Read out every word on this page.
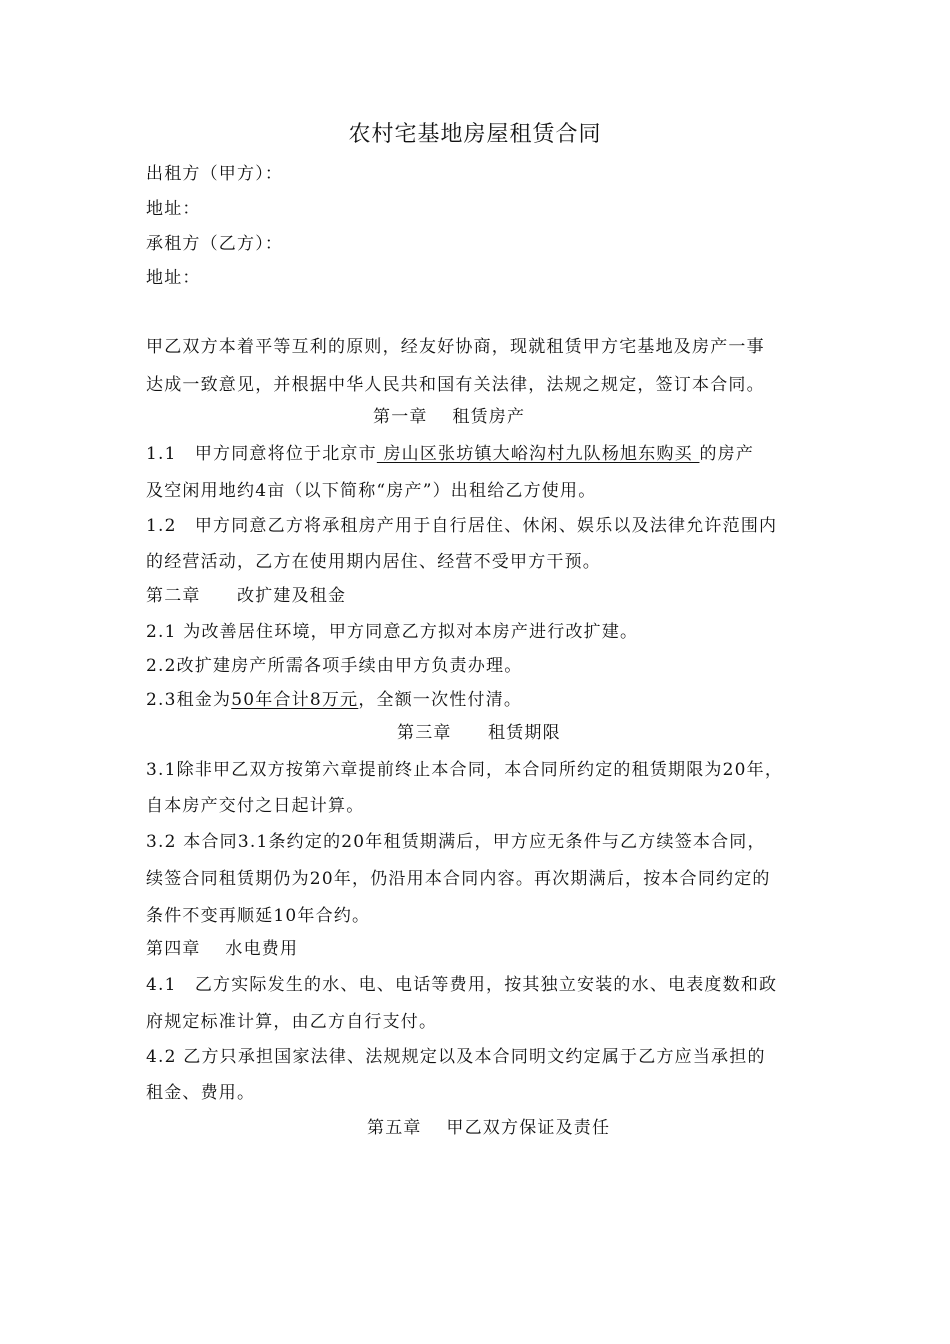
农村宅基地房屋租赁合同
出租方（甲方）：
地址：
承租方（乙方）：
地址：
甲乙双方本着平等互利的原则，经友好协商，现就租赁甲方宅基地及房产一事
达成一致意见，并根据中华人民共和国有关法律，法规之规定，签订本合同。
第一章　 租赁房产
1.1　甲方同意将位于北京市 房山区张坊镇大峪沟村九队杨旭东购买 的房产
及空闲用地约4亩（以下简称“房产”）出租给乙方使用。
1.2　甲方同意乙方将承租房产用于自行居住、休闲、娱乐以及法律允许范围内
的经营活动，乙方在使用期内居住、经营不受甲方干预。
第二章　　改扩建及租金
2.1 为改善居住环境，甲方同意乙方拟对本房产进行改扩建。
2.2改扩建房产所需各项手续由甲方负责办理。
2.3租金为50年合计8万元，全额一次性付清。
第三章　　租赁期限
3.1除非甲乙双方按第六章提前终止本合同，本合同所约定的租赁期限为20年，
自本房产交付之日起计算。
3.2 本合同3.1条约定的20年租赁期满后，甲方应无条件与乙方续签本合同，
续签合同租赁期仍为20年，仍沿用本合同内容。再次期满后，按本合同约定的
条件不变再顺延10年合约。
第四章　 水电费用
4.1　乙方实际发生的水、电、电话等费用，按其独立安装的水、电表度数和政
府规定标准计算，由乙方自行支付。
4.2 乙方只承担国家法律、法规规定以及本合同明文约定属于乙方应当承担的
租金、费用。
第五章　 甲乙双方保证及责任
